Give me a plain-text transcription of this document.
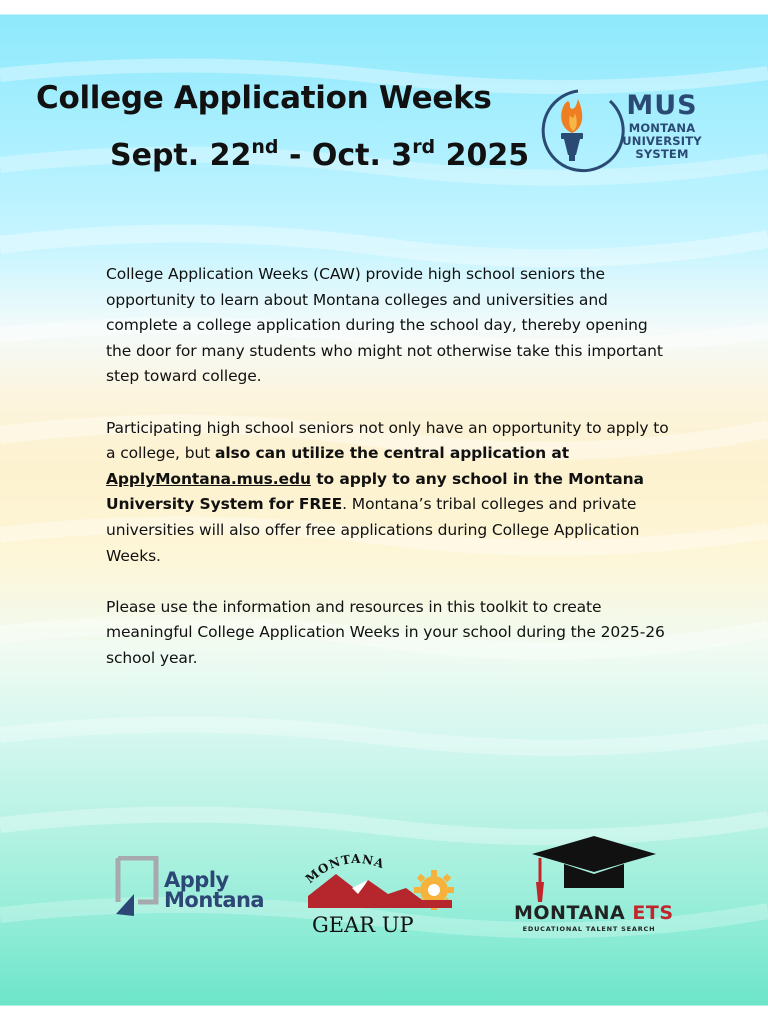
College Application Weeks
Sept. 22nd - Oct. 3rd 2025
MUS
MONTANA
UNIVERSITY
SYSTEM

College Application Weeks (CAW) provide high school seniors the opportunity to learn about Montana colleges and universities and complete a college application during the school day, thereby opening the door for many students who might not otherwise take this important step toward college.

Participating high school seniors not only have an opportunity to apply to a college, but also can utilize the central application at ApplyMontana.mus.edu to apply to any school in the Montana University System for FREE. Montana’s tribal colleges and private universities will also offer free applications during College Application Weeks.

Please use the information and resources in this toolkit to create meaningful College Application Weeks in your school during the 2025-26 school year.

Apply
Montana
MONTANA
GEAR UP	MONTANA ETS
EDUCATIONAL TALENT SEARCH
